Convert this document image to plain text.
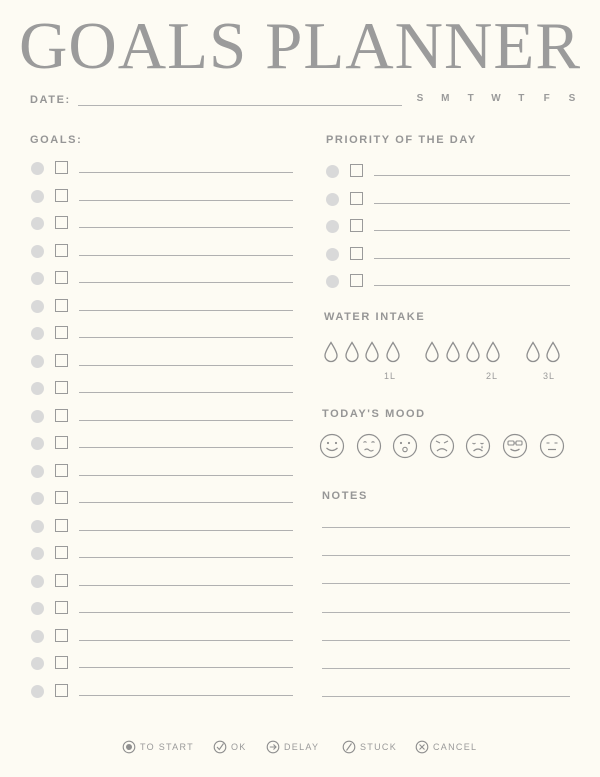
GOALS PLANNER
DATE:	S M T W T F S
GOALS:	PRIORITY OF THE DAY
WATER INTAKE
1L	2L	3L
TODAY'S MOOD
NOTES
TO START	OK	DELAY	STUCK	CANCEL
